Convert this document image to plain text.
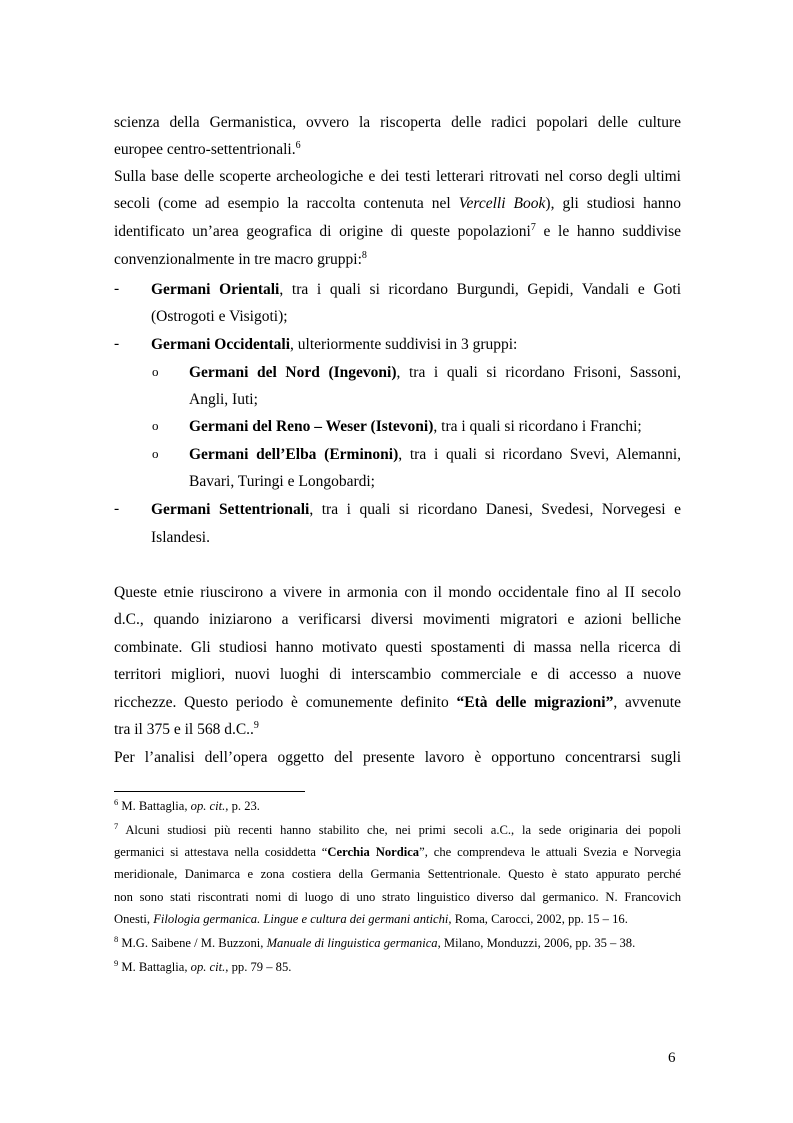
scienza della Germanistica, ovvero la riscoperta delle radici popolari delle culture
europee centro-settentrionali.$^6$
Sulla base delle scoperte archeologiche e dei testi letterari ritrovati nel corso degli ultimi
secoli (come ad esempio la raccolta contenuta nel Vercelli Book), gli studiosi hanno
identificato un’area geografica di origine di queste popolazioni$^7$ e le hanno suddivise
convenzionalmente in tre macro gruppi:$^8$
- Germani Orientali, tra i quali si ricordano Burgundi, Gepidi, Vandali e Goti
(Ostrogoti e Visigoti);
- Germani Occidentali, ulteriormente suddivisi in 3 gruppi:
o Germani del Nord (Ingevoni), tra i quali si ricordano Frisoni, Sassoni,
Angli, Iuti;
o Germani del Reno – Weser (Istevoni), tra i quali si ricordano i Franchi;
o Germani dell’Elba (Erminoni), tra i quali si ricordano Svevi, Alemanni,
Bavari, Turingi e Longobardi;
- Germani Settentrionali, tra i quali si ricordano Danesi, Svedesi, Norvegesi e
Islandesi.
Queste etnie riuscirono a vivere in armonia con il mondo occidentale fino al II secolo
d.C., quando iniziarono a verificarsi diversi movimenti migratori e azioni belliche
combinate. Gli studiosi hanno motivato questi spostamenti di massa nella ricerca di
territori migliori, nuovi luoghi di interscambio commerciale e di accesso a nuove
ricchezze. Questo periodo è comunemente definito “Età delle migrazioni”, avvenute
tra il 375 e il 568 d.C..$^9$
Per l’analisi dell’opera oggetto del presente lavoro è opportuno concentrarsi sugli
$^6$ M. Battaglia, op. cit., p. 23.
$^7$ Alcuni studiosi più recenti hanno stabilito che, nei primi secoli a.C., la sede originaria dei popoli
germanici si attestava nella cosiddetta “Cerchia Nordica”, che comprendeva le attuali Svezia e Norvegia
meridionale, Danimarca e zona costiera della Germania Settentrionale. Questo è stato appurato perché
non sono stati riscontrati nomi di luogo di uno strato linguistico diverso dal germanico. N. Francovich
Onesti, Filologia germanica. Lingue e cultura dei germani antichi, Roma, Carocci, 2002, pp. 15 – 16.
$^8$ M.G. Saibene / M. Buzzoni, Manuale di linguistica germanica, Milano, Monduzzi, 2006, pp. 35 – 38.
$^9$ M. Battaglia, op. cit., pp. 79 – 85.
6
